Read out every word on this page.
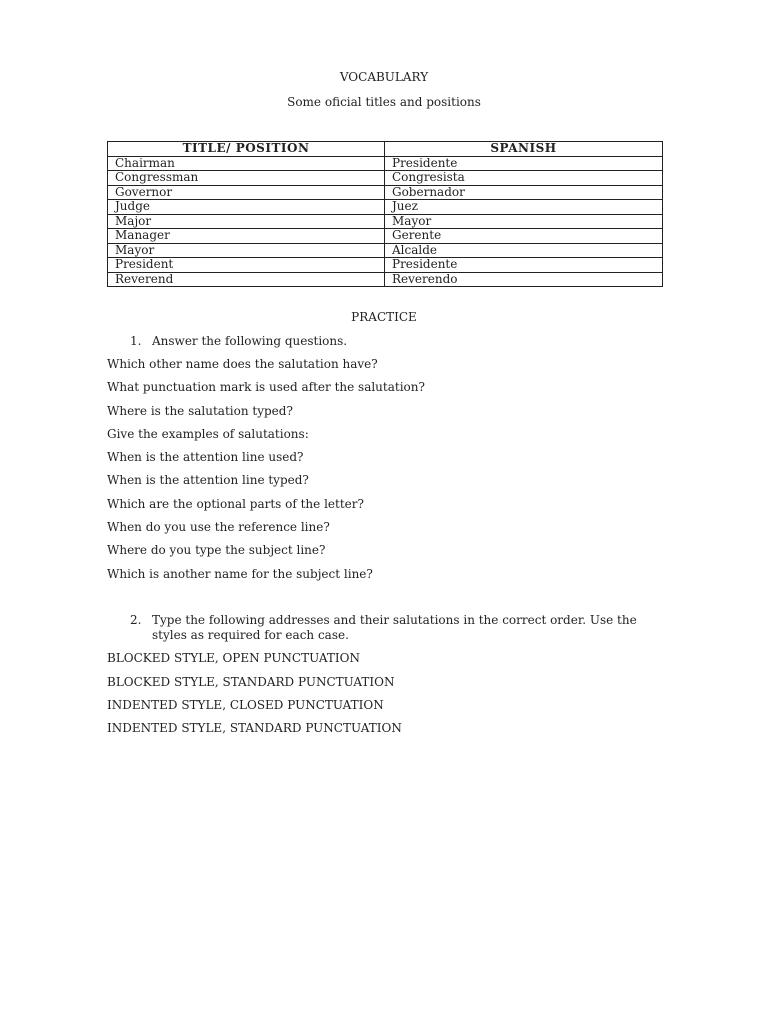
VOCABULARY
Some oficial titles and positions
TITLE/ POSITION	SPANISH
Chairman	Presidente
Congressman	Congresista
Governor	Gobernador
Judge	Juez
Major	Mayor
Manager	Gerente
Mayor	Alcalde
President	Presidente
Reverend	Reverendo
PRACTICE
1. Answer the following questions.
Which other name does the salutation have?
What punctuation mark is used after the salutation?
Where is the salutation typed?
Give the examples of salutations:
When is the attention line used?
When is the attention line typed?
Which are the optional parts of the letter?
When do you use the reference line?
Where do you type the subject line?
Which is another name for the subject line?
2. Type the following addresses and their salutations in the correct order. Use the styles as required for each case.
BLOCKED STYLE, OPEN PUNCTUATION
BLOCKED STYLE, STANDARD PUNCTUATION
INDENTED STYLE, CLOSED PUNCTUATION
INDENTED STYLE, STANDARD PUNCTUATION
